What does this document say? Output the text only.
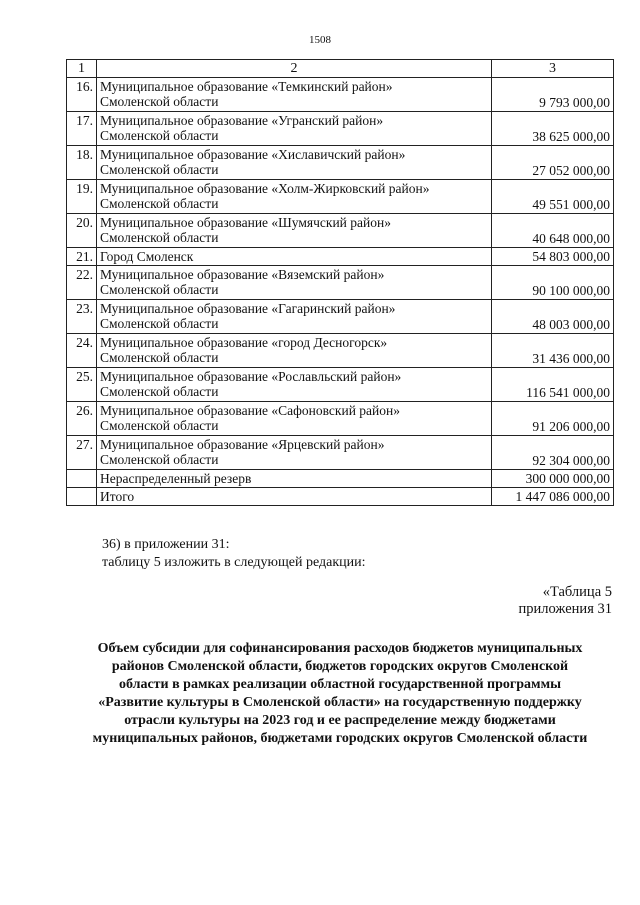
1508
1	2	3
16.	Муниципальное образование «Темкинский район»
Смоленской области	9 793 000,00
17.	Муниципальное образование «Угранский район»
Смоленской области	38 625 000,00
18.	Муниципальное образование «Хиславичский район»
Смоленской области	27 052 000,00
19.	Муниципальное образование «Холм-Жирковский район»
Смоленской области	49 551 000,00
20.	Муниципальное образование «Шумячский район»
Смоленской области	40 648 000,00
21.	Город Смоленск	54 803 000,00
22.	Муниципальное образование «Вяземский район»
Смоленской области	90 100 000,00
23.	Муниципальное образование «Гагаринский район»
Смоленской области	48 003 000,00
24.	Муниципальное образование «город Десногорск»
Смоленской области	31 436 000,00
25.	Муниципальное образование «Рославльский район»
Смоленской области	116 541 000,00
26.	Муниципальное образование «Сафоновский район»
Смоленской области	91 206 000,00
27.	Муниципальное образование «Ярцевский район»
Смоленской области	92 304 000,00

	Нераспределенный резерв	300 000 000,00

	Итого	1 447 086 000,00
36) в приложении 31:
таблицу 5 изложить в следующей редакции:
«Таблица 5
приложения 31
Объем субсидии для софинансирования расходов бюджетов муниципальных
районов Смоленской области, бюджетов городских округов Смоленской
области в рамках реализации областной государственной программы
«Развитие культуры в Смоленской области» на государственную поддержку
отрасли культуры на 2023 год и ее распределение между бюджетами
муниципальных районов, бюджетами городских округов Смоленской области
